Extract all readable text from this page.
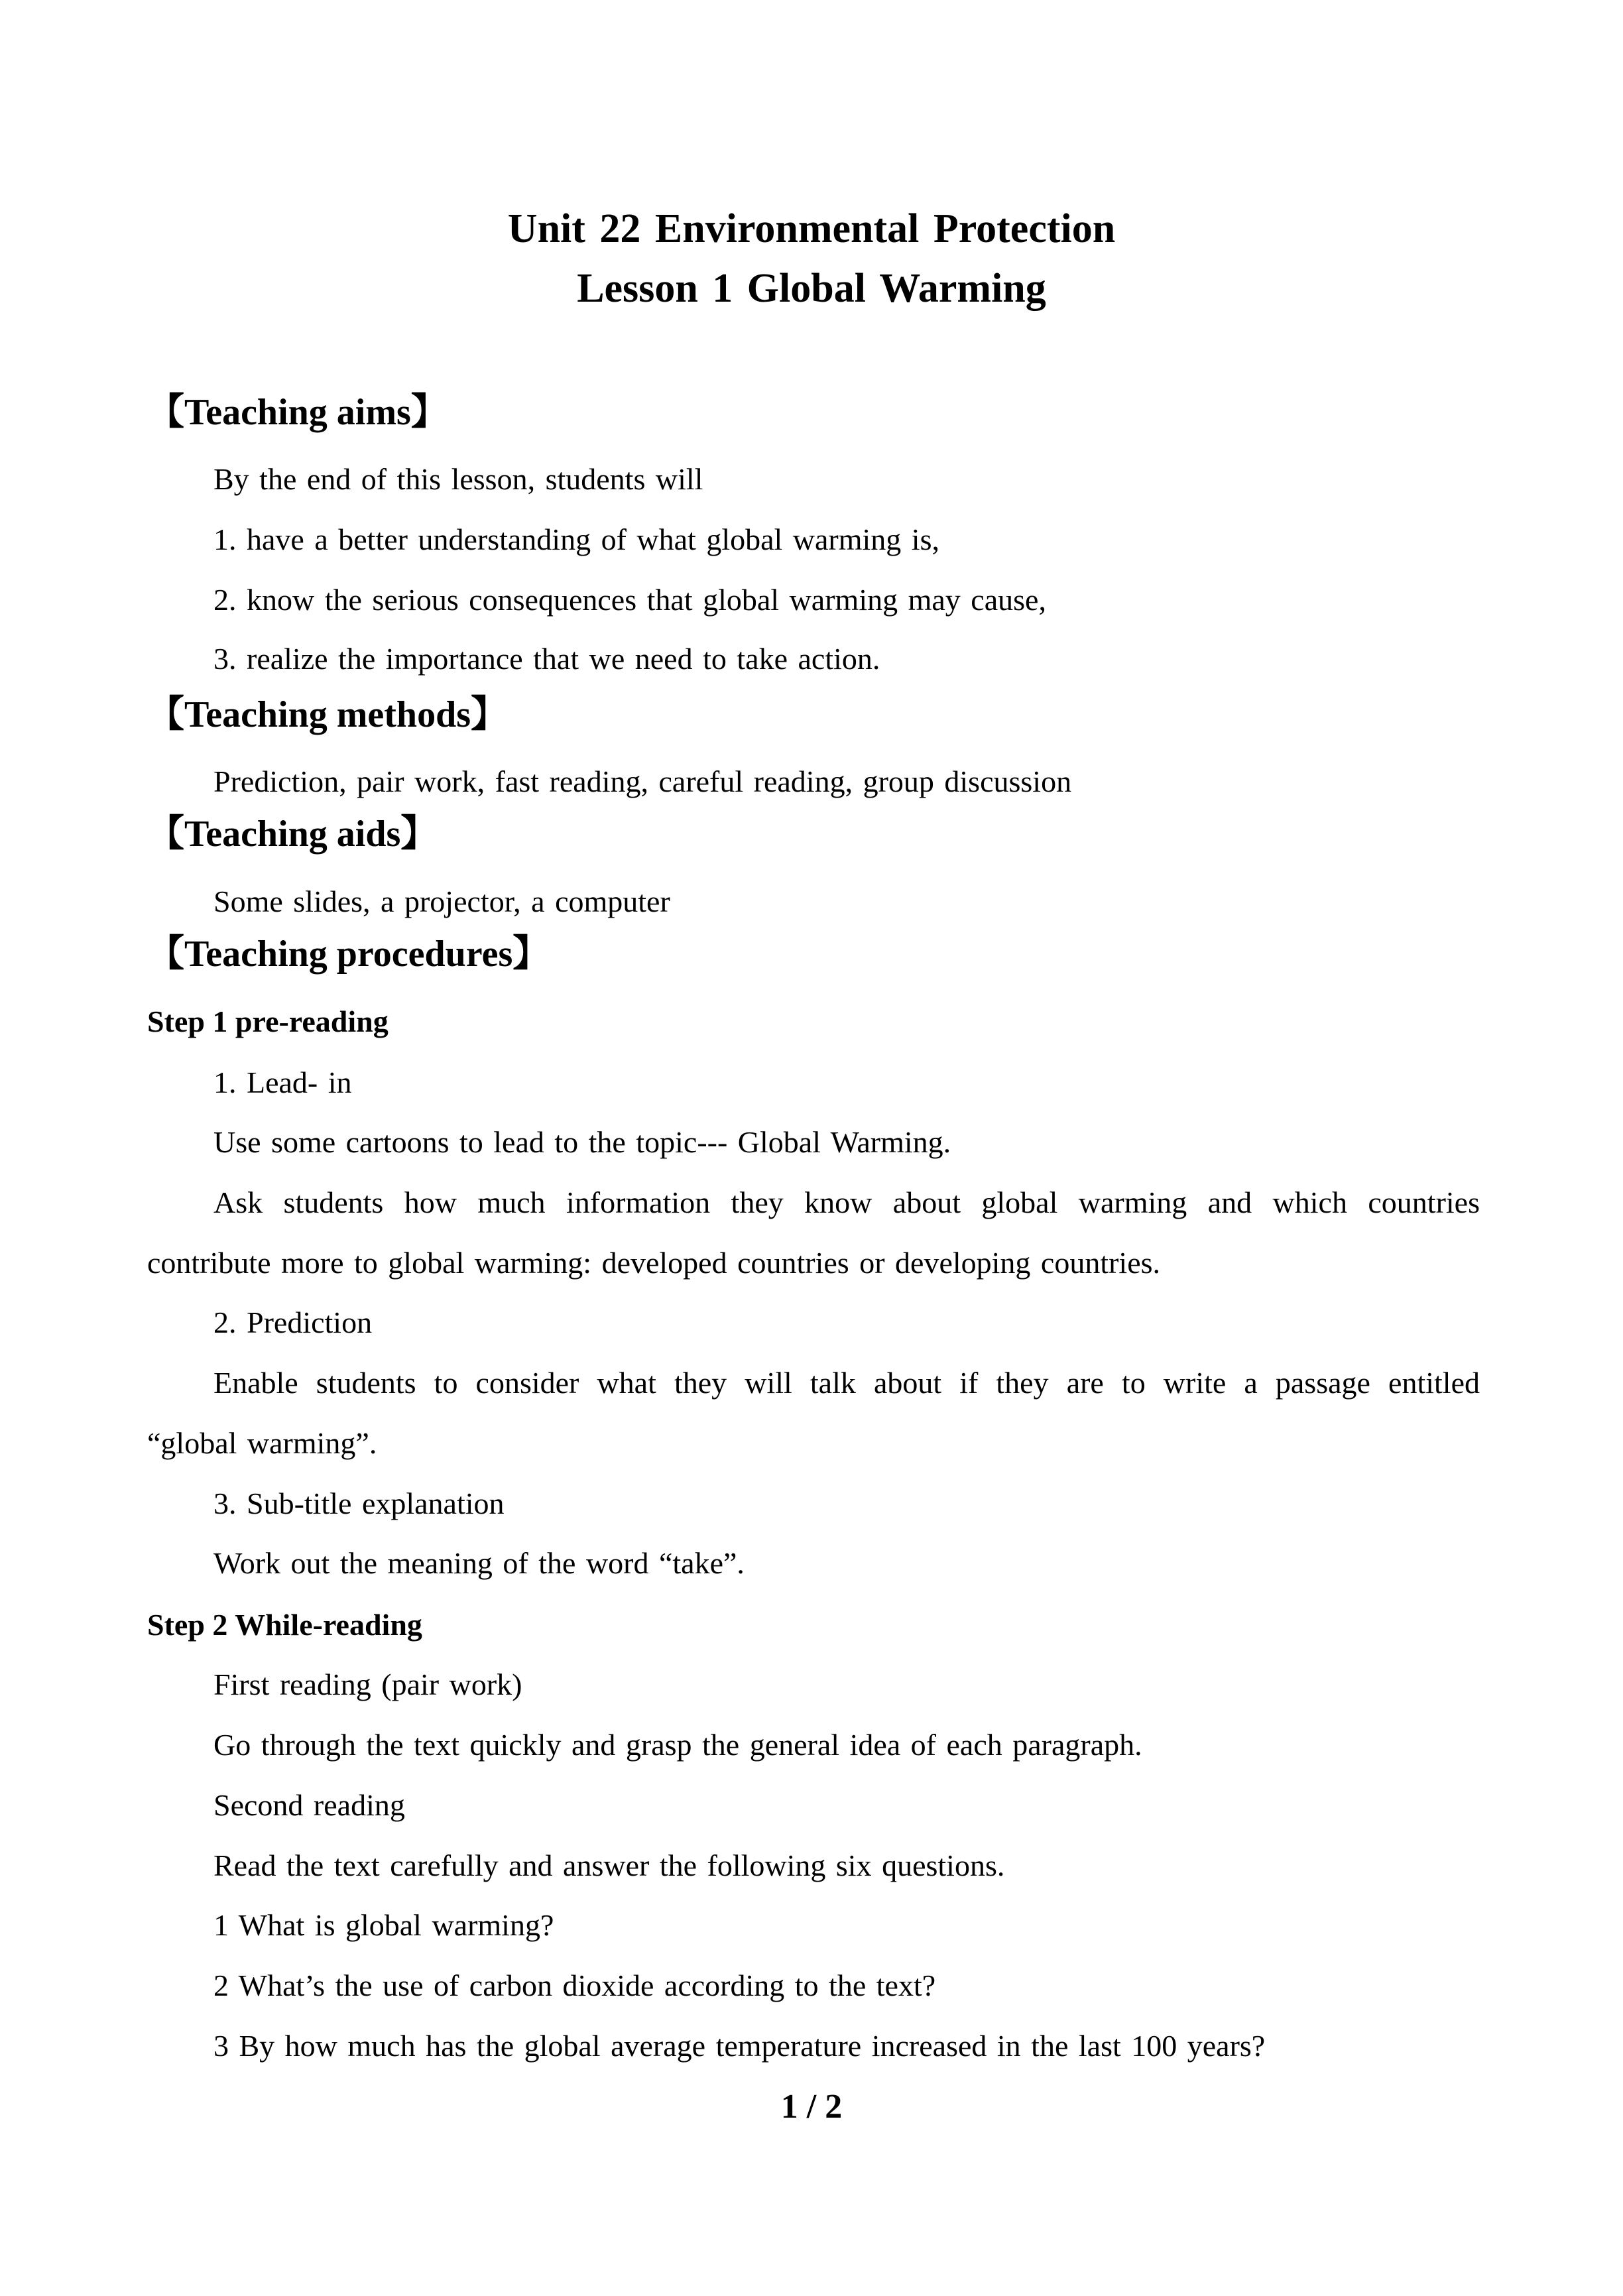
Unit 22 Environmental Protection
Lesson 1 Global Warming
【Teaching aims】
By the end of this lesson, students will
1. have a better understanding of what global warming is,
2. know the serious consequences that global warming may cause,
3. realize the importance that we need to take action.
【Teaching methods】
Prediction, pair work, fast reading, careful reading, group discussion
【Teaching aids】
Some slides, a projector, a computer
【Teaching procedures】
Step 1 pre-reading
1. Lead- in
Use some cartoons to lead to the topic--- Global Warming.
Ask students how much information they know about global warming and which countries
contribute more to global warming: developed countries or developing countries.
2. Prediction
Enable students to consider what they will talk about if they are to write a passage entitled
“global warming”.
3. Sub-title explanation
Work out the meaning of the word “take”.
Step 2 While-reading
First reading (pair work)
Go through the text quickly and grasp the general idea of each paragraph.
Second reading
Read the text carefully and answer the following six questions.
1 What is global warming?
2 What’s the use of carbon dioxide according to the text?
3 By how much has the global average temperature increased in the last 100 years?
1 / 2
